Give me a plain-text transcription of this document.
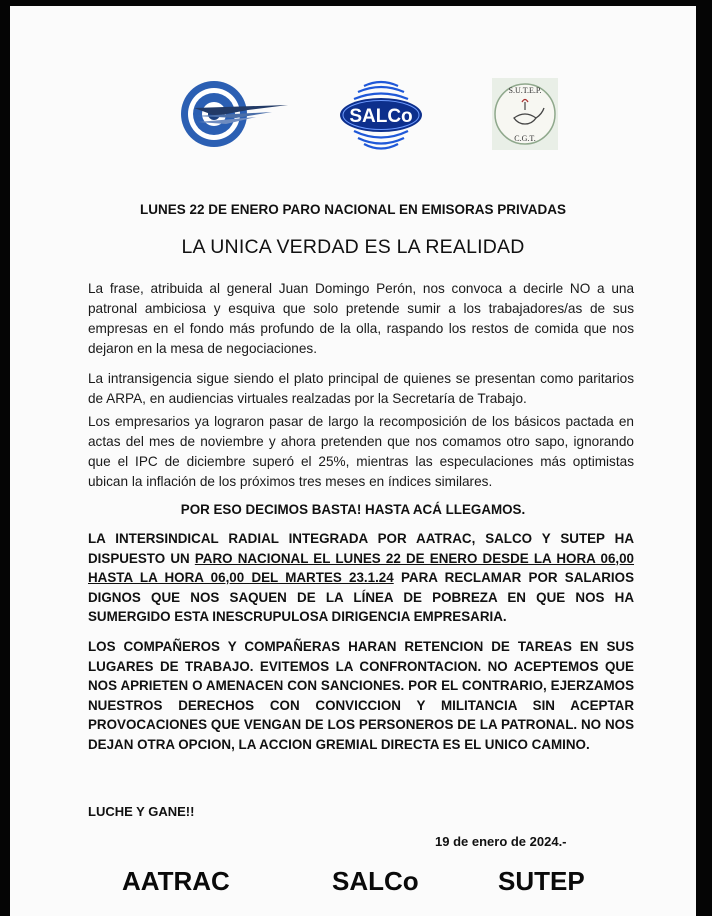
SALCo
S.U.T.E.P.
C.G.T.
LUNES 22 DE ENERO PARO NACIONAL EN EMISORAS PRIVADAS
LA UNICA VERDAD ES LA REALIDAD

La frase, atribuida al general Juan Domingo Perón, nos convoca a decirle NO a una patronal ambiciosa y esquiva que solo pretende sumir a los trabajadores/as de sus empresas en el fondo más profundo de la olla, raspando los restos de comida que nos dejaron en la mesa de negociaciones.

La intransigencia sigue siendo el plato principal de quienes se presentan como paritarios de ARPA, en audiencias virtuales realzadas por la Secretaría de Trabajo.

Los empresarios ya lograron pasar de largo la recomposición de los básicos pactada en actas del mes de noviembre y ahora pretenden que nos comamos otro sapo, ignorando que el IPC de diciembre superó el 25%, mientras las especulaciones más optimistas ubican la inflación de los próximos tres meses en índices similares.

POR ESO DECIMOS BASTA! HASTA ACÁ LLEGAMOS.

LA INTERSINDICAL RADIAL INTEGRADA POR AATRAC, SALCO Y SUTEP HA DISPUESTO UN PARO NACIONAL EL LUNES 22 DE ENERO DESDE LA HORA 06,00 HASTA LA HORA 06,00 DEL MARTES 23.1.24 PARA RECLAMAR POR SALARIOS DIGNOS QUE NOS SAQUEN DE LA LÍNEA DE POBREZA EN QUE NOS HA SUMERGIDO ESTA INESCRUPULOSA DIRIGENCIA EMPRESARIA.

LOS COMPAÑEROS Y COMPAÑERAS HARAN RETENCION DE TAREAS EN SUS LUGARES DE TRABAJO. EVITEMOS LA CONFRONTACION. NO ACEPTEMOS QUE NOS APRIETEN O AMENACEN CON SANCIONES. POR EL CONTRARIO, EJERZAMOS NUESTROS DERECHOS CON CONVICCION Y MILITANCIA SIN ACEPTAR PROVOCACIONES QUE VENGAN DE LOS PERSONEROS DE LA PATRONAL. NO NOS DEJAN OTRA OPCION, LA ACCION GREMIAL DIRECTA ES EL UNICO CAMINO.

LUCHE Y GANE!!
19 de enero de 2024.-
AATRAC	SALCo	SUTEP
